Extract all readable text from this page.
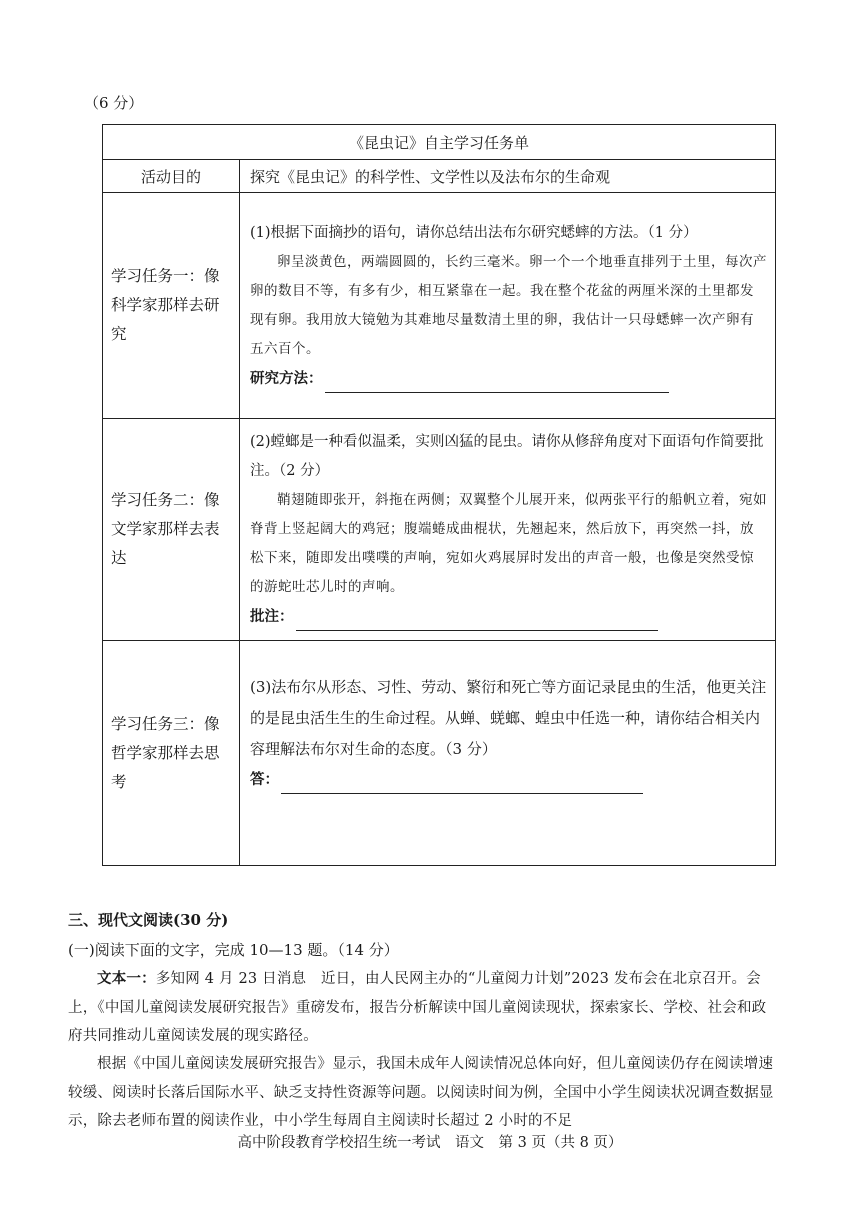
（6 分）
《昆虫记》自主学习任务单	
活动目的	探究《昆虫记》的科学性、文学性以及法布尔的生命观
学习任务一：像科学家那样去研究	(1)根据下面摘抄的语句，请你总结出法布尔研究蟋蟀的方法。（1 分）
卵呈淡黄色，两端圆圆的，长约三毫米。卵一个一个地垂直排列于土里，每次产卵的数目不等，有多有少，相互紧靠在一起。我在整个花盆的两厘米深的土里都发现有卵。我用放大镜勉为其难地尽量数清土里的卵，我估计一只母蟋蟀一次产卵有五六百个。
研究方法：

学习任务二：像文学家那样去表达	(2)螳螂是一种看似温柔，实则凶猛的昆虫。请你从修辞角度对下面语句作简要批注。（2 分）
鞘翅随即张开，斜拖在两侧；双翼整个儿展开来，似两张平行的船帆立着，宛如脊背上竖起阔大的鸡冠；腹端蜷成曲棍状，先翘起来，然后放下，再突然一抖，放松下来，随即发出噗噗的声响，宛如火鸡展屏时发出的声音一般，也像是突然受惊的游蛇吐芯儿时的声响。
批注：

学习任务三：像哲学家那样去思考	(3)法布尔从形态、习性、劳动、繁衍和死亡等方面记录昆虫的生活，他更关注的是昆虫活生生的生命过程。从蝉、蜣螂、蝗虫中任选一种，请你结合相关内容理解法布尔对生命的态度。（3 分）
答：
三、现代文阅读(30 分)
(一)阅读下面的文字，完成 10—13 题。（14 分）
文本一：多知网 4 月 23 日消息　近日，由人民网主办的“儿童阅力计划”2023 发布会在北京召开。会上，《中国儿童阅读发展研究报告》重磅发布，报告分析解读中国儿童阅读现状，探索家长、学校、社会和政府共同推动儿童阅读发展的现实路径。
根据《中国儿童阅读发展研究报告》显示，我国未成年人阅读情况总体向好，但儿童阅读仍存在阅读增速较缓、阅读时长落后国际水平、缺乏支持性资源等问题。以阅读时间为例，全国中小学生阅读状况调查数据显示，除去老师布置的阅读作业，中小学生每周自主阅读时长超过 2 小时的不足
高中阶段教育学校招生统一考试　语文　第 3 页（共 8 页）
